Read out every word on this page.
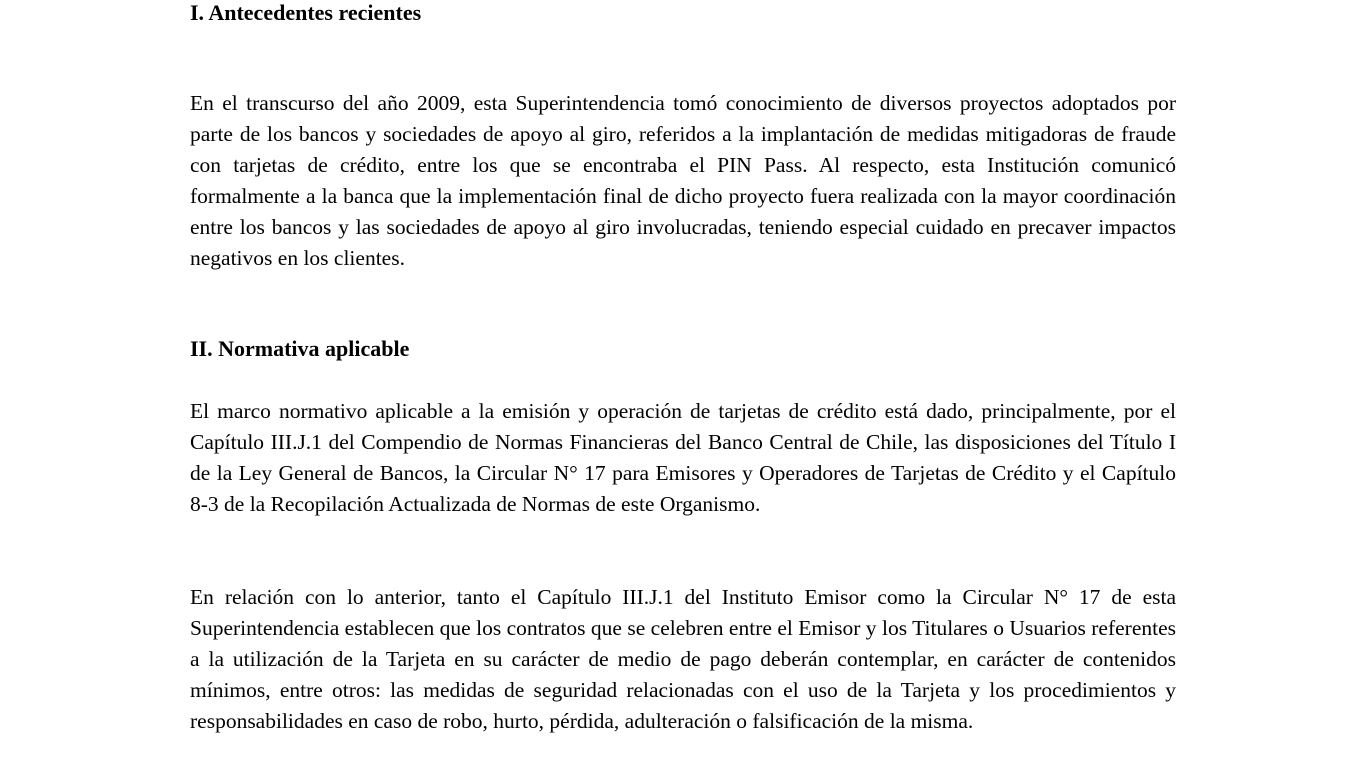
I. Antecedentes recientes

En el transcurso del año 2009, esta Superintendencia tomó conocimiento de diversos proyectos adoptados por parte de los bancos y sociedades de apoyo al giro, referidos a la implantación de medidas mitigadoras de fraude con tarjetas de crédito, entre los que se encontraba el PIN Pass. Al respecto, esta Institución comunicó formalmente a la banca que la implementación final de dicho proyecto fuera realizada con la mayor coordinación entre los bancos y las sociedades de apoyo al giro involucradas, teniendo especial cuidado en precaver impactos negativos en los clientes.

II. Normativa aplicable

El marco normativo aplicable a la emisión y operación de tarjetas de crédito está dado, principalmente, por el Capítulo III.J.1 del Compendio de Normas Financieras del Banco Central de Chile, las disposiciones del Título I de la Ley General de Bancos, la Circular N° 17 para Emisores y Operadores de Tarjetas de Crédito y el Capítulo 8-3 de la Recopilación Actualizada de Normas de este Organismo.

En relación con lo anterior, tanto el Capítulo III.J.1 del Instituto Emisor como la Circular N° 17 de esta Superintendencia establecen que los contratos que se celebren entre el Emisor y los Titulares o Usuarios referentes a la utilización de la Tarjeta en su carácter de medio de pago deberán contemplar, en carácter de contenidos mínimos, entre otros: las medidas de seguridad relacionadas con el uso de la Tarjeta y los procedimientos y responsabilidades en caso de robo, hurto, pérdida, adulteración o falsificación de la misma.
